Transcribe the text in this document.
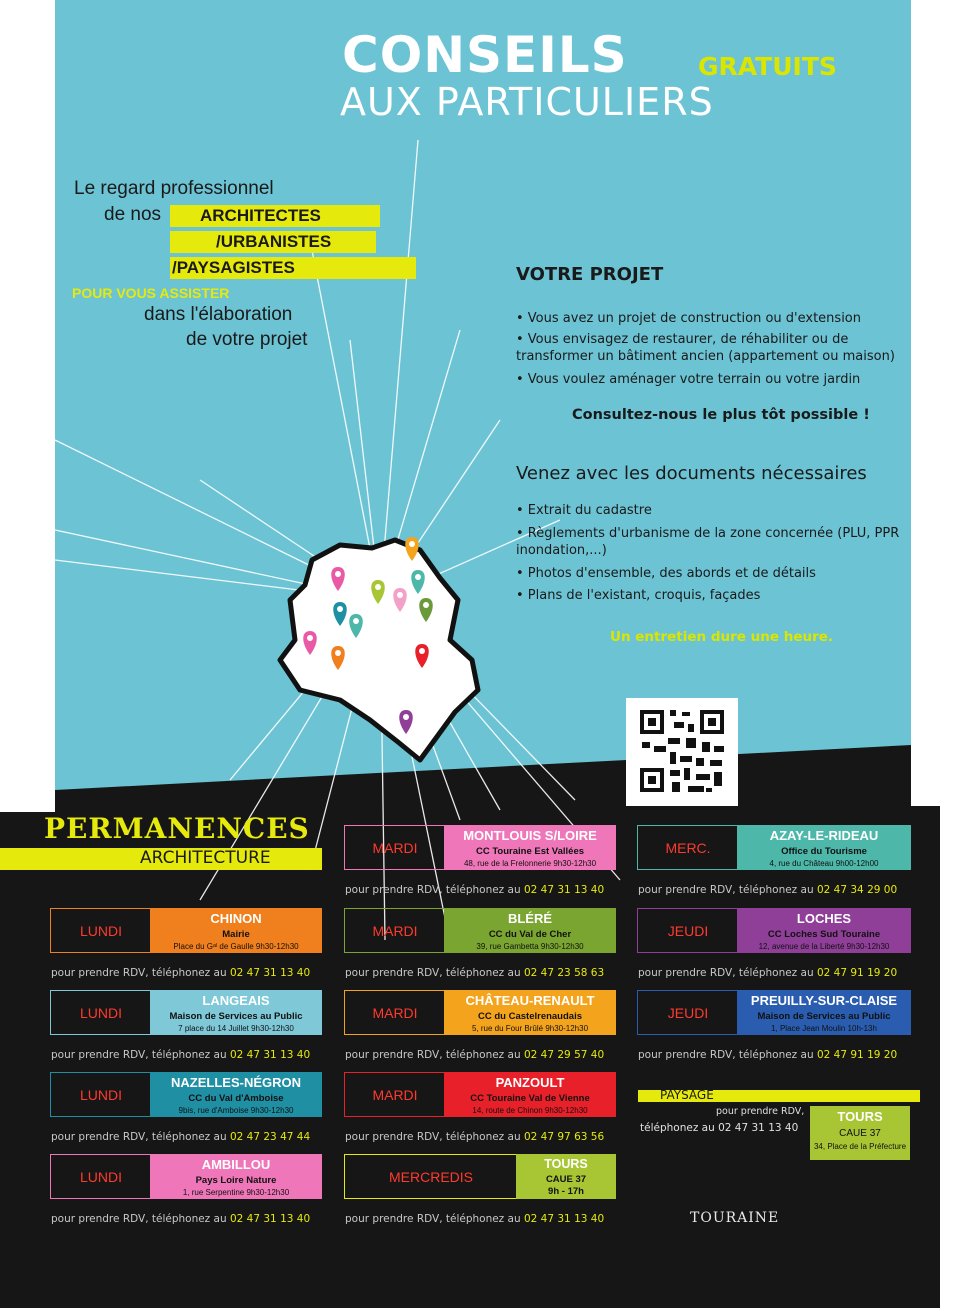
CONSEILS	GRATUITS
AUX PARTICULIERS
Le regard professionnel
de nos ARCHITECTES
/URBANISTES
/PAYSAGISTES
POUR VOUS ASSISTER
dans l'élaboration
de votre projet
VOTRE PROJET
• Vous avez un projet de construction ou d'extension
• Vous envisagez de restaurer, de réhabiliter ou de
transformer un bâtiment ancien (appartement ou maison)
• Vous voulez aménager votre terrain ou votre jardin
Consultez-nous le plus tôt possible !
Venez avec les documents nécessaires
• Extrait du cadastre
• Règlements d'urbanisme de la zone concernée (PLU, PPR
inondation,...)
• Photos d'ensemble, des abords et de détails
• Plans de l'existant, croquis, façades
Un entretien dure une heure.
PERMANENCES
ARCHITECTURE
LUNDI
CHINON
Mairie
Place du Gᵃˡ de Gaulle 9h30-12h30
pour prendre RDV, téléphonez au 02 47 31 13 40
LUNDI
LANGEAIS
Maison de Services au Public
7 place du 14 Juillet 9h30-12h30
pour prendre RDV, téléphonez au 02 47 31 13 40
LUNDI
NAZELLES-NÉGRON
CC du Val d'Amboise
9bis, rue d'Amboise 9h30-12h30
pour prendre RDV, téléphonez au 02 47 23 47 44
LUNDI
AMBILLOU
Pays Loire Nature
1, rue Serpentine 9h30-12h30
pour prendre RDV, téléphonez au 02 47 31 13 40
MARDI
MONTLOUIS S/LOIRE
CC Touraine Est Vallées
48, rue de la Frelonnerie 9h30-12h30
pour prendre RDV, téléphonez au 02 47 31 13 40
MARDI
BLÉRÉ
CC du Val de Cher
39, rue Gambetta 9h30-12h30
pour prendre RDV, téléphonez au 02 47 23 58 63
MARDI
CHÂTEAU-RENAULT
CC du Castelrenaudais
5, rue du Four Brûlé 9h30-12h30
pour prendre RDV, téléphonez au 02 47 29 57 40
MARDI
PANZOULT
CC Touraine Val de Vienne
14, route de Chinon 9h30-12h30
pour prendre RDV, téléphonez au 02 47 97 63 56
MERC.
AZAY-LE-RIDEAU
Office du Tourisme
4, rue du Château 9h00-12h00
pour prendre RDV, téléphonez au 02 47 34 29 00
JEUDI
LOCHES
CC Loches Sud Touraine
12, avenue de la Liberté 9h30-12h30
pour prendre RDV, téléphonez au 02 47 91 19 20
JEUDI
PREUILLY-SUR-CLAISE
Maison de Services au Public
1, Place Jean Moulin 10h-13h
pour prendre RDV, téléphonez au 02 47 91 19 20
MERCREDIS
TOURS
CAUE 37
9h - 17h
pour prendre RDV, téléphonez au 02 47 31 13 40
PAYSAGE
pour prendre RDV,
téléphonez au 02 47 31 13 40
TOURS
CAUE 37
34, Place de la Préfecture
TOURAINE
